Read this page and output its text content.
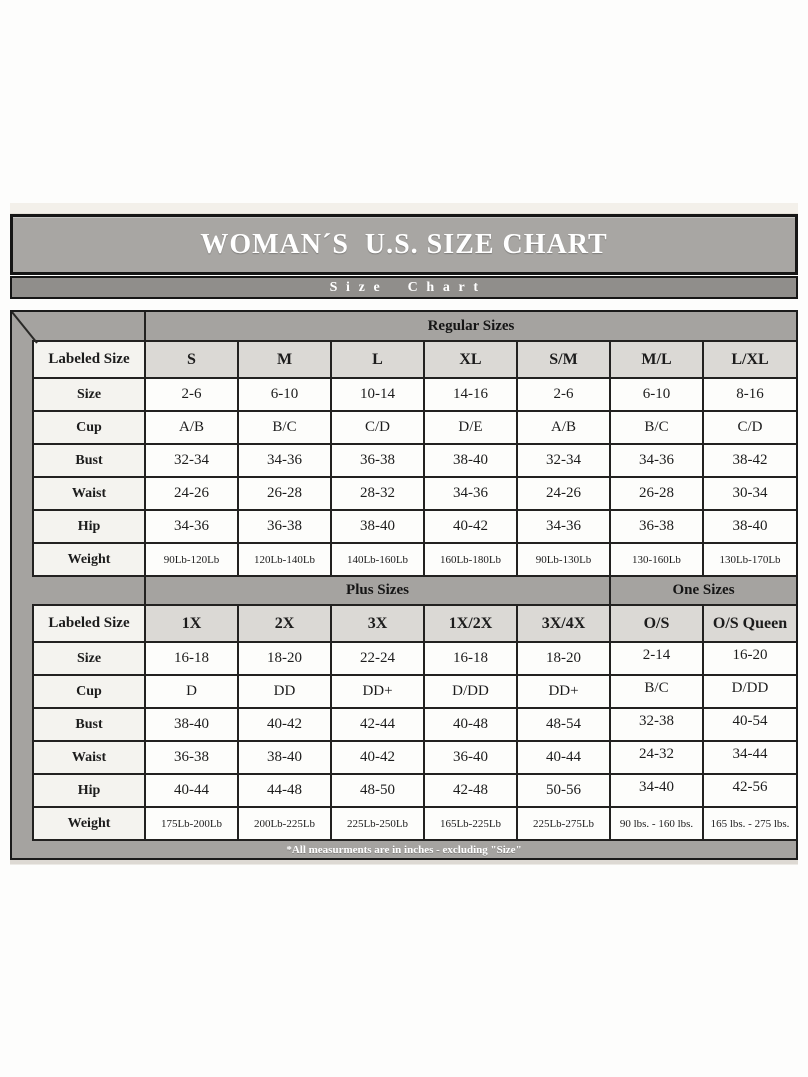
WOMAN´S  U.S. SIZE CHART
Size Chart
	Regular Sizes						
Labeled Size	S	M	L	XL	S/M	M/L	L/XL
Size	2-6	6-10	10-14	14-16	2-6	6-10	8-16
Cup	A/B	B/C	C/D	D/E	A/B	B/C	C/D
Bust	32-34	34-36	36-38	38-40	32-34	34-36	38-42
Waist	24-26	26-28	28-32	34-36	24-26	26-28	30-34
Hip	34-36	36-38	38-40	40-42	34-36	36-38	38-40
Weight	90Lb-120Lb	120Lb-140Lb	140Lb-160Lb	160Lb-180Lb	90Lb-130Lb	130-160Lb	130Lb-170Lb
	Plus Sizes					One Sizes	
Labeled Size	1X	2X	3X	1X/2X	3X/4X	O/S	O/S Queen
Size	16-18	18-20	22-24	16-18	18-20	2-14	16-20
Cup	D	DD	DD+	D/DD	DD+	B/C	D/DD
Bust	38-40	40-42	42-44	40-48	48-54	32-38	40-54
Waist	36-38	38-40	40-42	36-40	40-44	24-32	34-44
Hip	40-44	44-48	48-50	42-48	50-56	34-40	42-56
Weight	175Lb-200Lb	200Lb-225Lb	225Lb-250Lb	165Lb-225Lb	225Lb-275Lb	90 lbs. - 160 lbs.	165 lbs. - 275 lbs.
*All measurments are in inches - excluding "Size"
